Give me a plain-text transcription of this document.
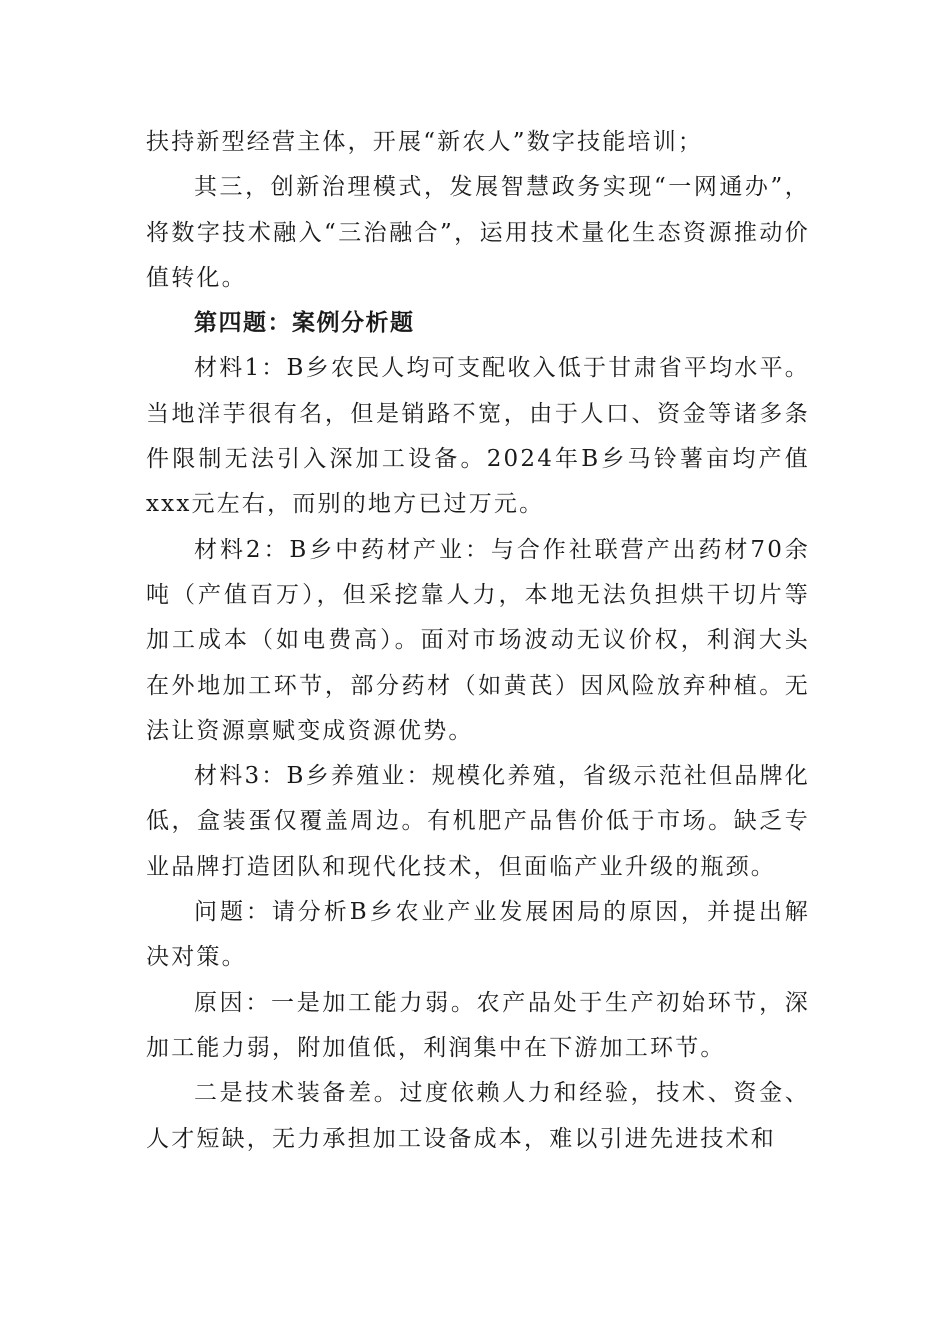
扶持新型经营主体，开展“新农人”数字技能培训；

其三，创新治理模式，发展智慧政务实现“一网通办”，将数字技术融入“三治融合”，运用技术量化生态资源推动价值转化。

第四题：案例分析题

材料1：B乡农民人均可支配收入低于甘肃省平均水平。当地洋芋很有名，但是销路不宽，由于人口、资金等诸多条件限制无法引入深加工设备。2024年B乡马铃薯亩均产值xxx元左右，而别的地方已过万元。

材料2：B乡中药材产业：与合作社联营产出药材70余吨（产值百万），但采挖靠人力，本地无法负担烘干切片等加工成本（如电费高）。面对市场波动无议价权，利润大头在外地加工环节，部分药材（如黄芪）因风险放弃种植。无法让资源禀赋变成资源优势。

材料3：B乡养殖业：规模化养殖，省级示范社但品牌化低，盒装蛋仅覆盖周边。有机肥产品售价低于市场。缺乏专业品牌打造团队和现代化技术，但面临产业升级的瓶颈。

问题：请分析B乡农业产业发展困局的原因，并提出解决对策。

原因：一是加工能力弱。农产品处于生产初始环节，深加工能力弱，附加值低，利润集中在下游加工环节。

二是技术装备差。过度依赖人力和经验，技术、资金、人才短缺，无力承担加工设备成本，难以引进先进技术和
